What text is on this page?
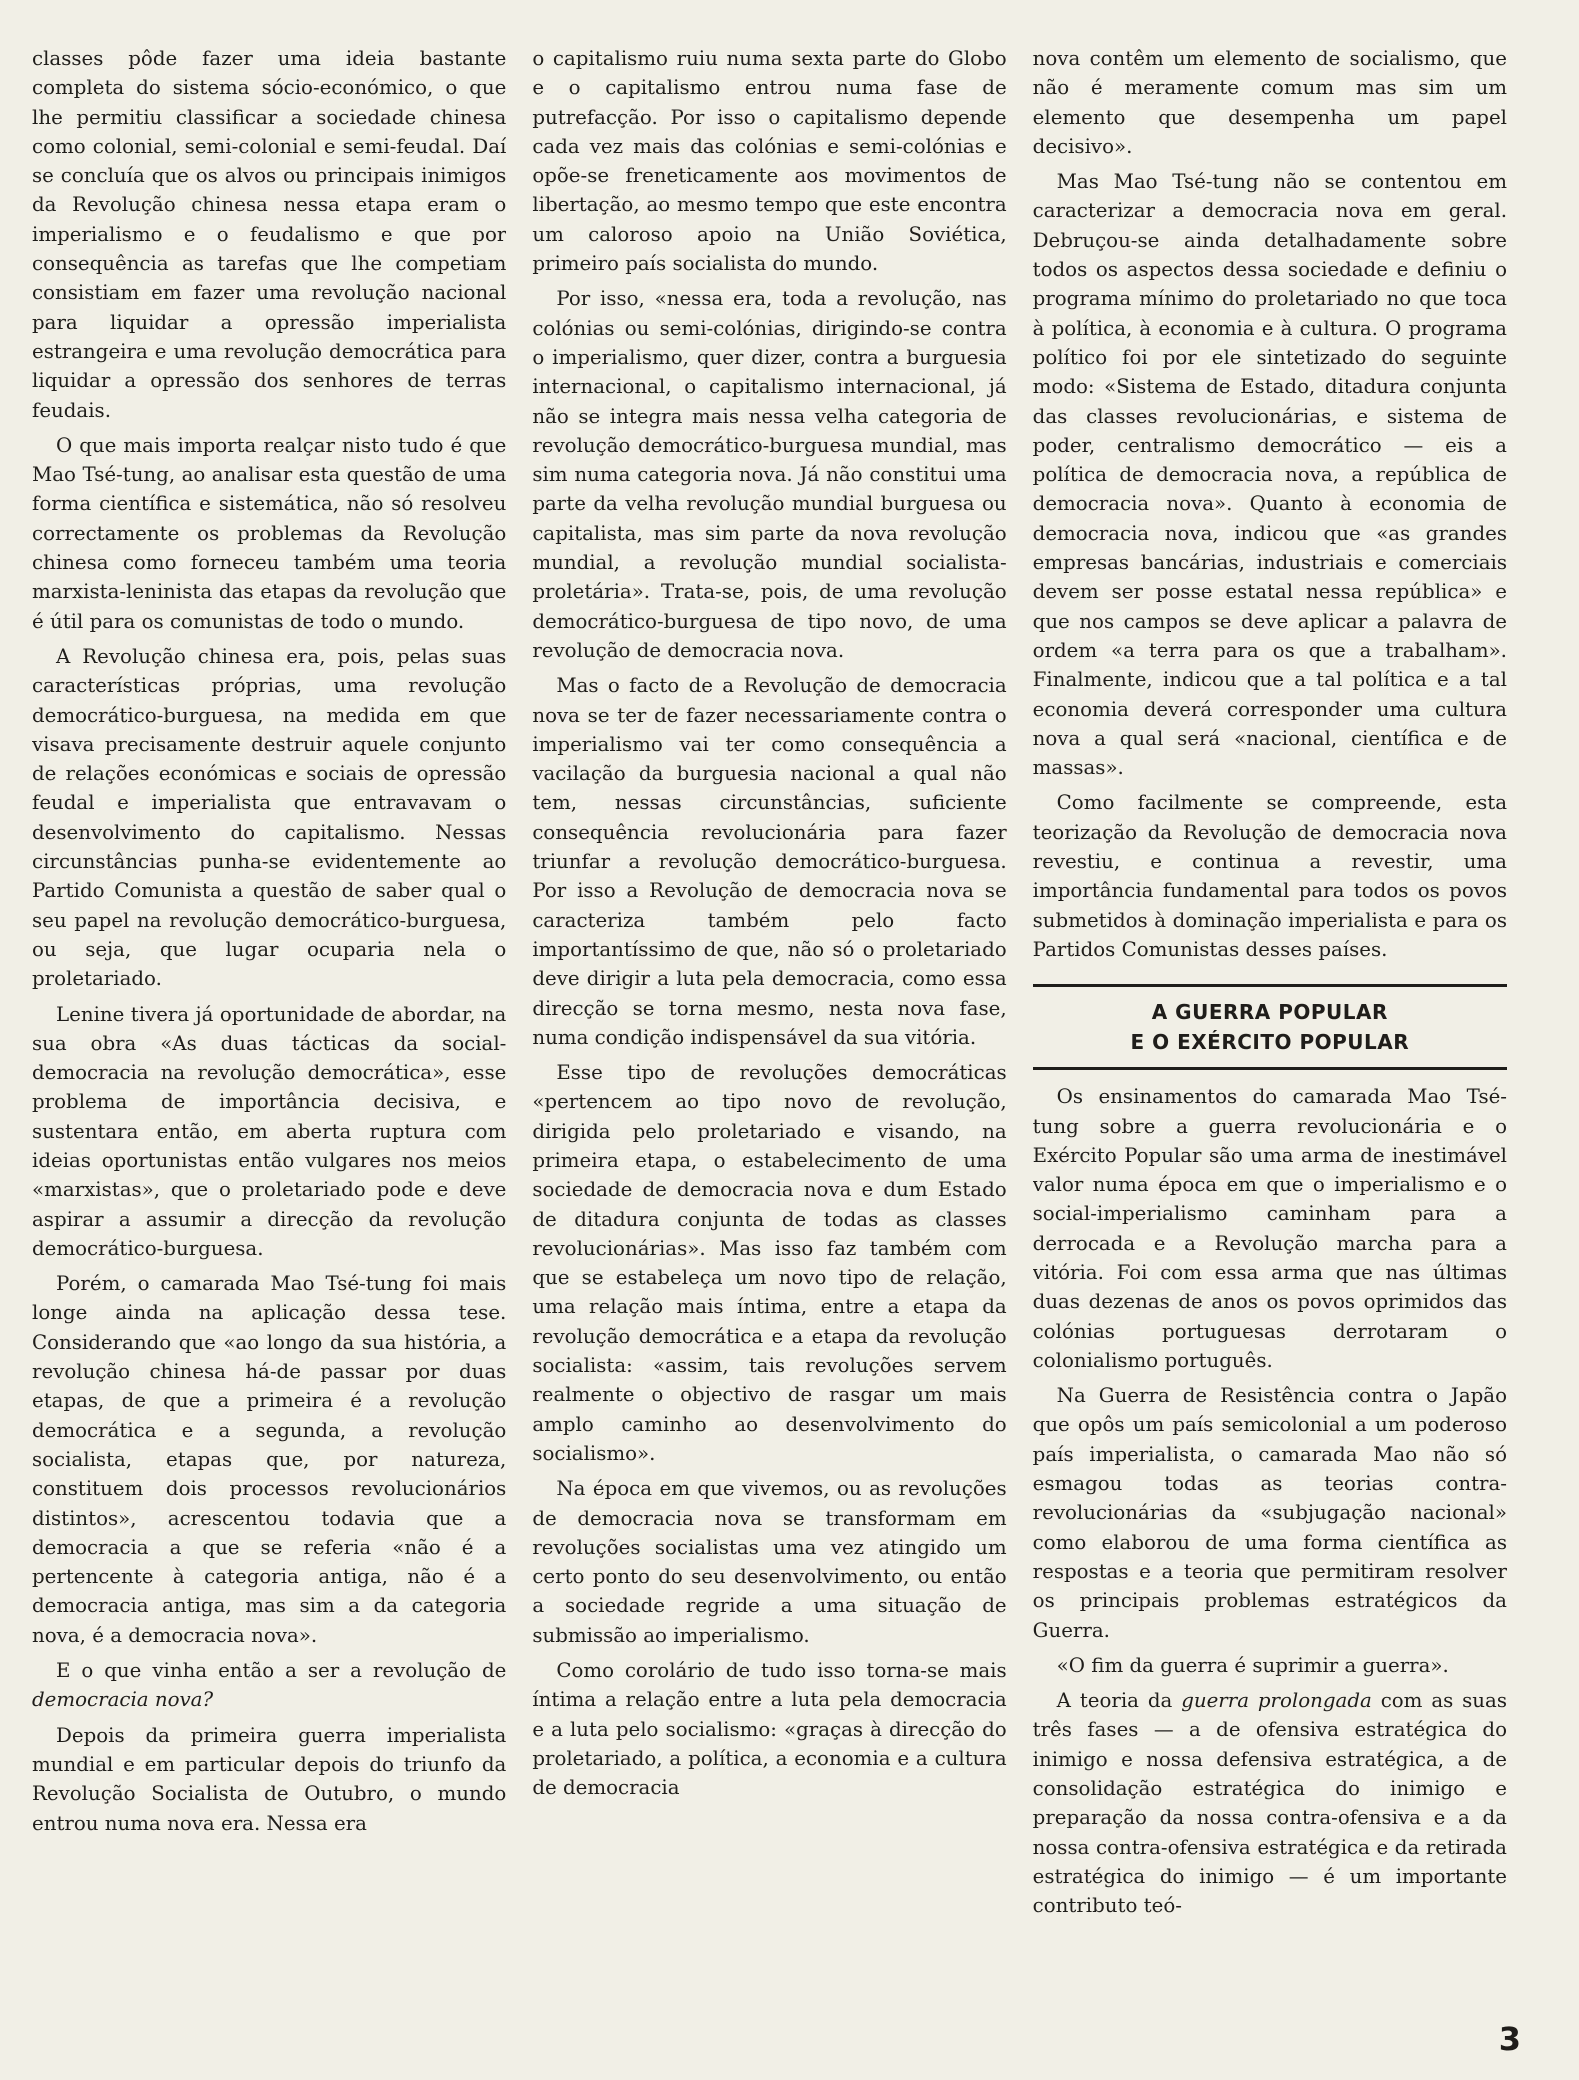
classes pôde fazer uma ideia bastante completa do sistema sócio-económico, o que lhe permitiu classificar a sociedade chinesa como colonial, semi-colonial e semi-feudal. Daí se concluía que os alvos ou principais inimigos da Revolução chinesa nessa etapa eram o imperialismo e o feudalismo e que por consequência as tarefas que lhe competiam consistiam em fazer uma revolução nacional para liquidar a opressão imperialista estrangeira e uma revolução democrática para liquidar a opressão dos senhores de terras feudais.

O que mais importa realçar nisto tudo é que Mao Tsé-tung, ao analisar esta questão de uma forma científica e sistemática, não só resolveu correctamente os problemas da Revolução chinesa como forneceu também uma teoria marxista-leninista das etapas da revolução que é útil para os comunistas de todo o mundo.

A Revolução chinesa era, pois, pelas suas características próprias, uma revolução democrático-burguesa, na medida em que visava precisamente destruir aquele conjunto de relações económicas e sociais de opressão feudal e imperialista que entravavam o desenvolvimento do capitalismo. Nessas circunstâncias punha-se evidentemente ao Partido Comunista a questão de saber qual o seu papel na revolução democrático-burguesa, ou seja, que lugar ocuparia nela o proletariado.

Lenine tivera já oportunidade de abordar, na sua obra «As duas tácticas da social-democracia na revolução democrática», esse problema de importância decisiva, e sustentara então, em aberta ruptura com ideias oportunistas então vulgares nos meios «marxistas», que o proletariado pode e deve aspirar a assumir a direcção da revolução democrático-burguesa.

Porém, o camarada Mao Tsé-tung foi mais longe ainda na aplicação dessa tese. Considerando que «ao longo da sua história, a revolução chinesa há-de passar por duas etapas, de que a primeira é a revolução democrática e a segunda, a revolução socialista, etapas que, por natureza, constituem dois processos revolucionários distintos», acrescentou todavia que a democracia a que se referia «não é a pertencente à categoria antiga, não é a democracia antiga, mas sim a da categoria nova, é a democracia nova».

E o que vinha então a ser a revolução de democracia nova?

Depois da primeira guerra imperialista mundial e em particular depois do triunfo da Revolução Socialista de Outubro, o mundo entrou numa nova era. Nessa era

o capitalismo ruiu numa sexta parte do Globo e o capitalismo entrou numa fase de putrefacção. Por isso o capitalismo depende cada vez mais das colónias e semi-colónias e opõe-se freneticamente aos movimentos de libertação, ao mesmo tempo que este encontra um caloroso apoio na União Soviética, primeiro país socialista do mundo.

Por isso, «nessa era, toda a revolução, nas colónias ou semi-colónias, dirigindo-se contra o imperialismo, quer dizer, contra a burguesia internacional, o capitalismo internacional, já não se integra mais nessa velha categoria de revolução democrático-burguesa mundial, mas sim numa categoria nova. Já não constitui uma parte da velha revolução mundial burguesa ou capitalista, mas sim parte da nova revolução mundial, a revolução mundial socialista-proletária». Trata-se, pois, de uma revolução democrático-burguesa de tipo novo, de uma revolução de democracia nova.

Mas o facto de a Revolução de democracia nova se ter de fazer necessariamente contra o imperialismo vai ter como consequência a vacilação da burguesia nacional a qual não tem, nessas circunstâncias, suficiente consequência revolucionária para fazer triunfar a revolução democrático-burguesa. Por isso a Revolução de democracia nova se caracteriza também pelo facto importantíssimo de que, não só o proletariado deve dirigir a luta pela democracia, como essa direcção se torna mesmo, nesta nova fase, numa condição indispensável da sua vitória.

Esse tipo de revoluções democráticas «pertencem ao tipo novo de revolução, dirigida pelo proletariado e visando, na primeira etapa, o estabelecimento de uma sociedade de democracia nova e dum Estado de ditadura conjunta de todas as classes revolucionárias». Mas isso faz também com que se estabeleça um novo tipo de relação, uma relação mais íntima, entre a etapa da revolução democrática e a etapa da revolução socialista: «assim, tais revoluções servem realmente o objectivo de rasgar um mais amplo caminho ao desenvolvimento do socialismo».

Na época em que vivemos, ou as revoluções de democracia nova se transformam em revoluções socialistas uma vez atingido um certo ponto do seu desenvolvimento, ou então a sociedade regride a uma situação de submissão ao imperialismo.

Como corolário de tudo isso torna-se mais íntima a relação entre a luta pela democracia e a luta pelo socialismo: «graças à direcção do proletariado, a política, a economia e a cultura de democracia

nova contêm um elemento de socialismo, que não é meramente comum mas sim um elemento que desempenha um papel decisivo».

Mas Mao Tsé-tung não se contentou em caracterizar a democracia nova em geral. Debruçou-se ainda detalhadamente sobre todos os aspectos dessa sociedade e definiu o programa mínimo do proletariado no que toca à política, à economia e à cultura. O programa político foi por ele sintetizado do seguinte modo: «Sistema de Estado, ditadura conjunta das classes revolucionárias, e sistema de poder, centralismo democrático — eis a política de democracia nova, a república de democracia nova». Quanto à economia de democracia nova, indicou que «as grandes empresas bancárias, industriais e comerciais devem ser posse estatal nessa república» e que nos campos se deve aplicar a palavra de ordem «a terra para os que a trabalham». Finalmente, indicou que a tal política e a tal economia deverá corresponder uma cultura nova a qual será «nacional, científica e de massas».

Como facilmente se compreende, esta teorização da Revolução de democracia nova revestiu, e continua a revestir, uma importância fundamental para todos os povos submetidos à dominação imperialista e para os Partidos Comunistas desses países.

A GUERRA POPULAR
E O EXÉRCITO POPULAR

Os ensinamentos do camarada Mao Tsé-tung sobre a guerra revolucionária e o Exército Popular são uma arma de inestimável valor numa época em que o imperialismo e o social-imperialismo caminham para a derrocada e a Revolução marcha para a vitória. Foi com essa arma que nas últimas duas dezenas de anos os povos oprimidos das colónias portuguesas derrotaram o colonialismo português.

Na Guerra de Resistência contra o Japão que opôs um país semicolonial a um poderoso país imperialista, o camarada Mao não só esmagou todas as teorias contra-revolucionárias da «subjugação nacional» como elaborou de uma forma científica as respostas e a teoria que permitiram resolver os principais problemas estratégicos da Guerra.

«O fim da guerra é suprimir a guerra».

A teoria da guerra prolongada com as suas três fases — a de ofensiva estratégica do inimigo e nossa defensiva estratégica, a de consolidação estratégica do inimigo e preparação da nossa contra-ofensiva e a da nossa contra-ofensiva estratégica e da retirada estratégica do inimigo — é um importante contributo teó-

3
